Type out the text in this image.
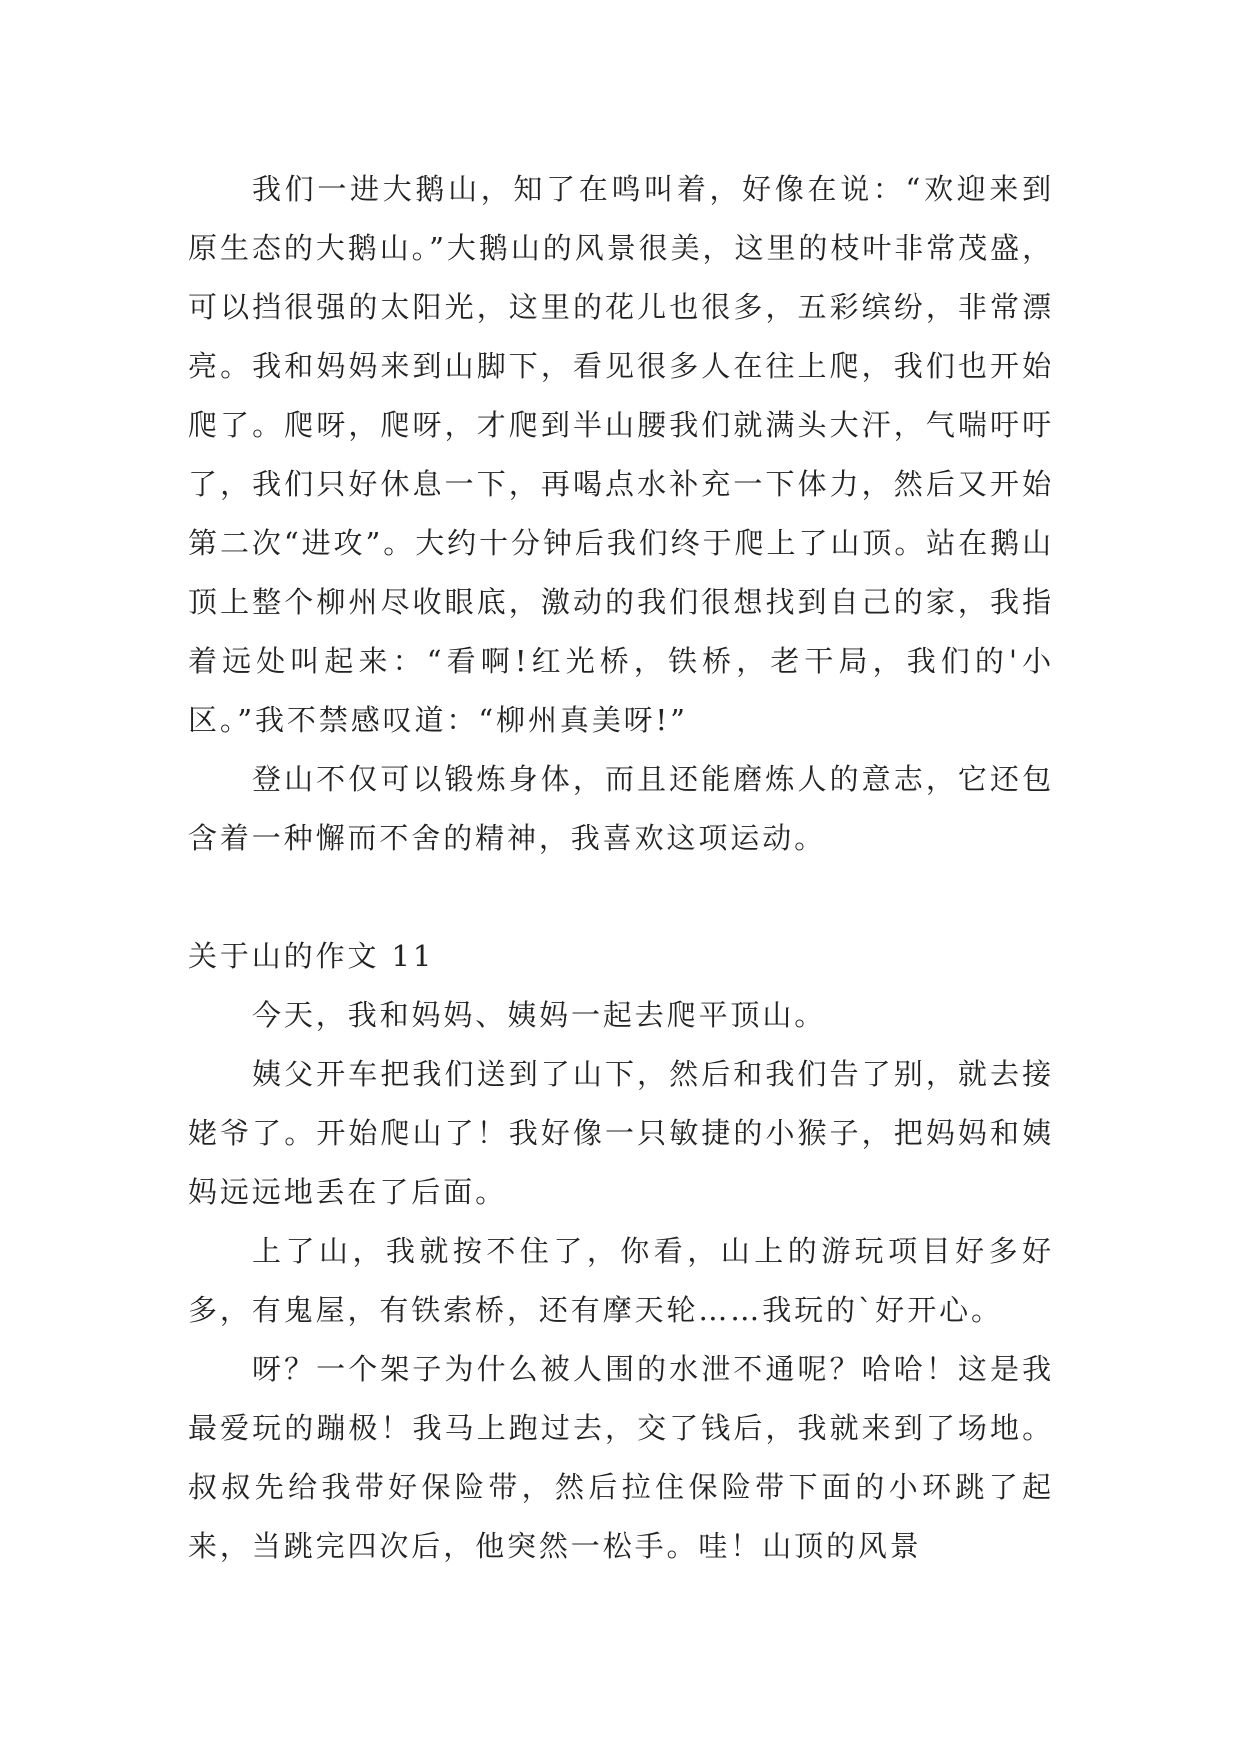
我们一进大鹅山，知了在鸣叫着，好像在说：“欢迎来到原生态的大鹅山。”大鹅山的风景很美，这里的枝叶非常茂盛，可以挡很强的太阳光，这里的花儿也很多，五彩缤纷，非常漂亮。我和妈妈来到山脚下，看见很多人在往上爬，我们也开始爬了。爬呀，爬呀，才爬到半山腰我们就满头大汗，气喘吁吁了，我们只好休息一下，再喝点水补充一下体力，然后又开始第二次“进攻”。大约十分钟后我们终于爬上了山顶。站在鹅山顶上整个柳州尽收眼底，激动的我们很想找到自己的家，我指着远处叫起来：“看啊!红光桥，铁桥，老干局，我们的'小区。”我不禁感叹道：“柳州真美呀!”

登山不仅可以锻炼身体，而且还能磨炼人的意志，它还包含着一种懈而不舍的精神，我喜欢这项运动。

关于山的作文 11

今天，我和妈妈、姨妈一起去爬平顶山。

姨父开车把我们送到了山下，然后和我们告了别，就去接姥爷了。开始爬山了！我好像一只敏捷的小猴子，把妈妈和姨妈远远地丢在了后面。

上了山，我就按不住了，你看，山上的游玩项目好多好多，有鬼屋，有铁索桥，还有摩天轮……我玩的`好开心。

呀？一个架子为什么被人围的水泄不通呢？哈哈！这是我最爱玩的蹦极！我马上跑过去，交了钱后，我就来到了场地。叔叔先给我带好保险带，然后拉住保险带下面的小环跳了起来，当跳完四次后，他突然一松手。哇！山顶的风景
